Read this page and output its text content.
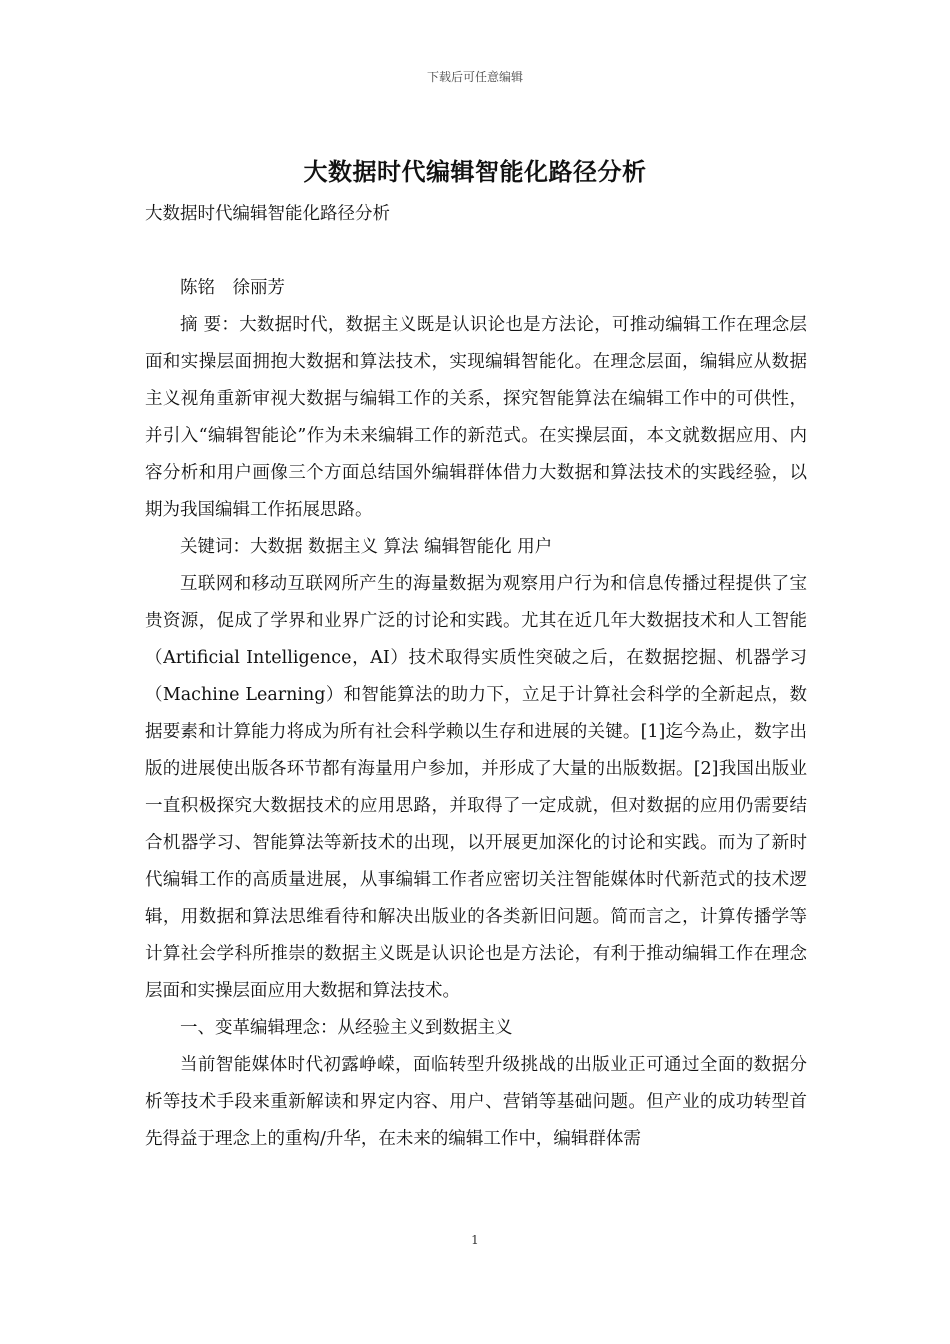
下载后可任意编辑
大数据时代编辑智能化路径分析

大数据时代编辑智能化路径分析

陈铭　徐丽芳

摘 要：大数据时代，数据主义既是认识论也是方法论，可推动编辑工作在理念层面和实操层面拥抱大数据和算法技术，实现编辑智能化。在理念层面，编辑应从数据主义视角重新审视大数据与编辑工作的关系，探究智能算法在编辑工作中的可供性，并引入“编辑智能论”作为未来编辑工作的新范式。在实操层面，本文就数据应用、内容分析和用户画像三个方面总结国外编辑群体借力大数据和算法技术的实践经验，以期为我国编辑工作拓展思路。

关键词：大数据 数据主义 算法 编辑智能化 用户

互联网和移动互联网所产生的海量数据为观察用户行为和信息传播过程提供了宝贵资源，促成了学界和业界广泛的讨论和实践。尤其在近几年大数据技术和人工智能（Artificial Intelligence，AI）技术取得实质性突破之后，在数据挖掘、机器学习（Machine Learning）和智能算法的助力下，立足于计算社会科学的全新起点，数据要素和计算能力将成为所有社会科学赖以生存和进展的关键。[1]迄今為止，数字出版的进展使出版各环节都有海量用户参加，并形成了大量的出版数据。[2]我国出版业一直积极探究大数据技术的应用思路，并取得了一定成就，但对数据的应用仍需要结合机器学习、智能算法等新技术的出现，以开展更加深化的讨论和实践。而为了新时代编辑工作的高质量进展，从事编辑工作者应密切关注智能媒体时代新范式的技术逻辑，用数据和算法思维看待和解决出版业的各类新旧问题。简而言之，计算传播学等计算社会学科所推崇的数据主义既是认识论也是方法论，有利于推动编辑工作在理念层面和实操层面应用大数据和算法技术。

一、变革编辑理念：从经验主义到数据主义

当前智能媒体时代初露峥嵘，面临转型升级挑战的出版业正可通过全面的数据分析等技术手段来重新解读和界定内容、用户、营销等基础问题。但产业的成功转型首先得益于理念上的重构/升华，在未来的编辑工作中，编辑群体需

1
